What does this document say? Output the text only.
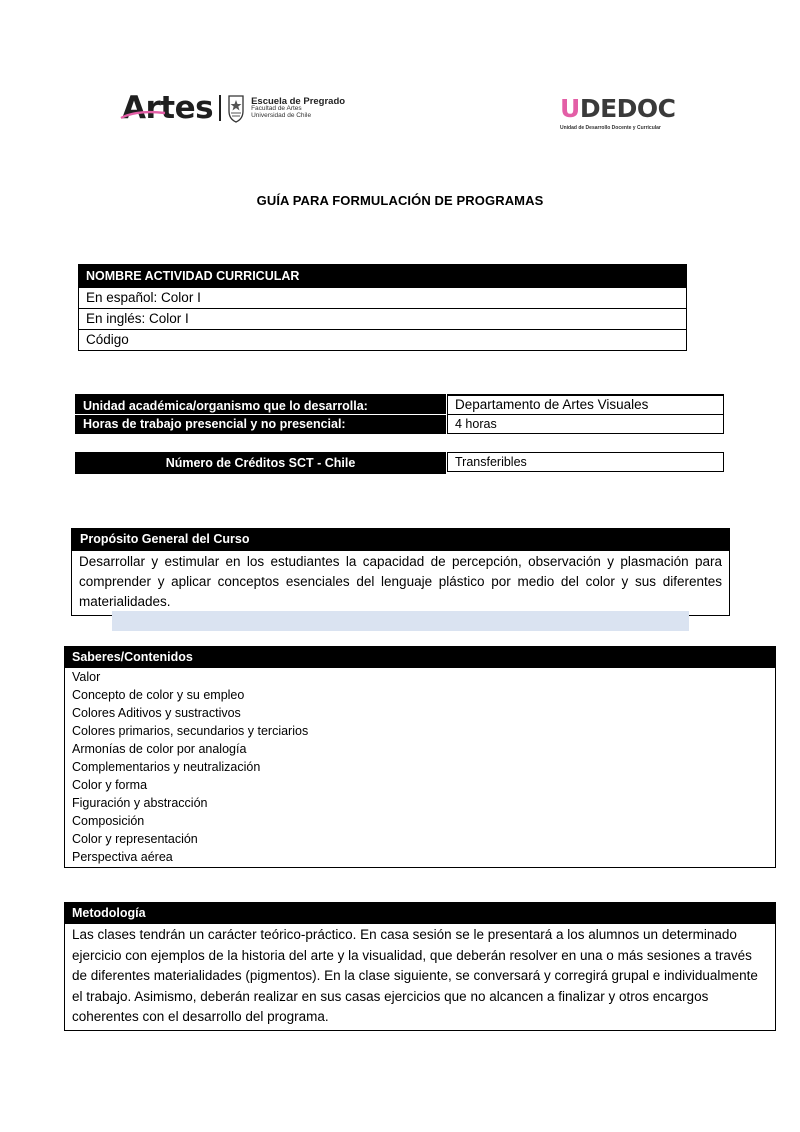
Artes	Escuela de Pregrado
Facultad de Artes
Universidad de Chile	U DEDOC
Unidad de Desarrollo Docente y Curricular
GUÍA PARA FORMULACIÓN DE PROGRAMAS
NOMBRE ACTIVIDAD CURRICULAR
En español: Color I
En inglés: Color I
Código
Unidad académica/organismo que lo desarrolla:	Departamento de Artes Visuales
Horas de trabajo presencial y no presencial:	4 horas
Número de Créditos SCT - Chile	Transferibles
Propósito General del Curso
Desarrollar y estimular en los estudiantes la capacidad de percepción, observación y plasmación para comprender y aplicar conceptos esenciales del lenguaje plástico por medio del color y sus diferentes materialidades.
Saberes/Contenidos
Valor
Concepto de color y su empleo
Colores Aditivos y sustractivos
Colores primarios, secundarios y terciarios
Armonías de color por analogía
Complementarios y neutralización
Color y forma
Figuración y abstracción
Composición
Color y representación
Perspectiva aérea
Metodología
Las clases tendrán un carácter teórico-práctico. En casa sesión se le presentará a los alumnos un determinado ejercicio con ejemplos de la historia del arte y la visualidad, que deberán resolver en una o más sesiones a través de diferentes materialidades (pigmentos). En la clase siguiente, se conversará y corregirá grupal e individualmente el trabajo. Asimismo, deberán realizar en sus casas ejercicios que no alcancen a finalizar y otros encargos coherentes con el desarrollo del programa.
